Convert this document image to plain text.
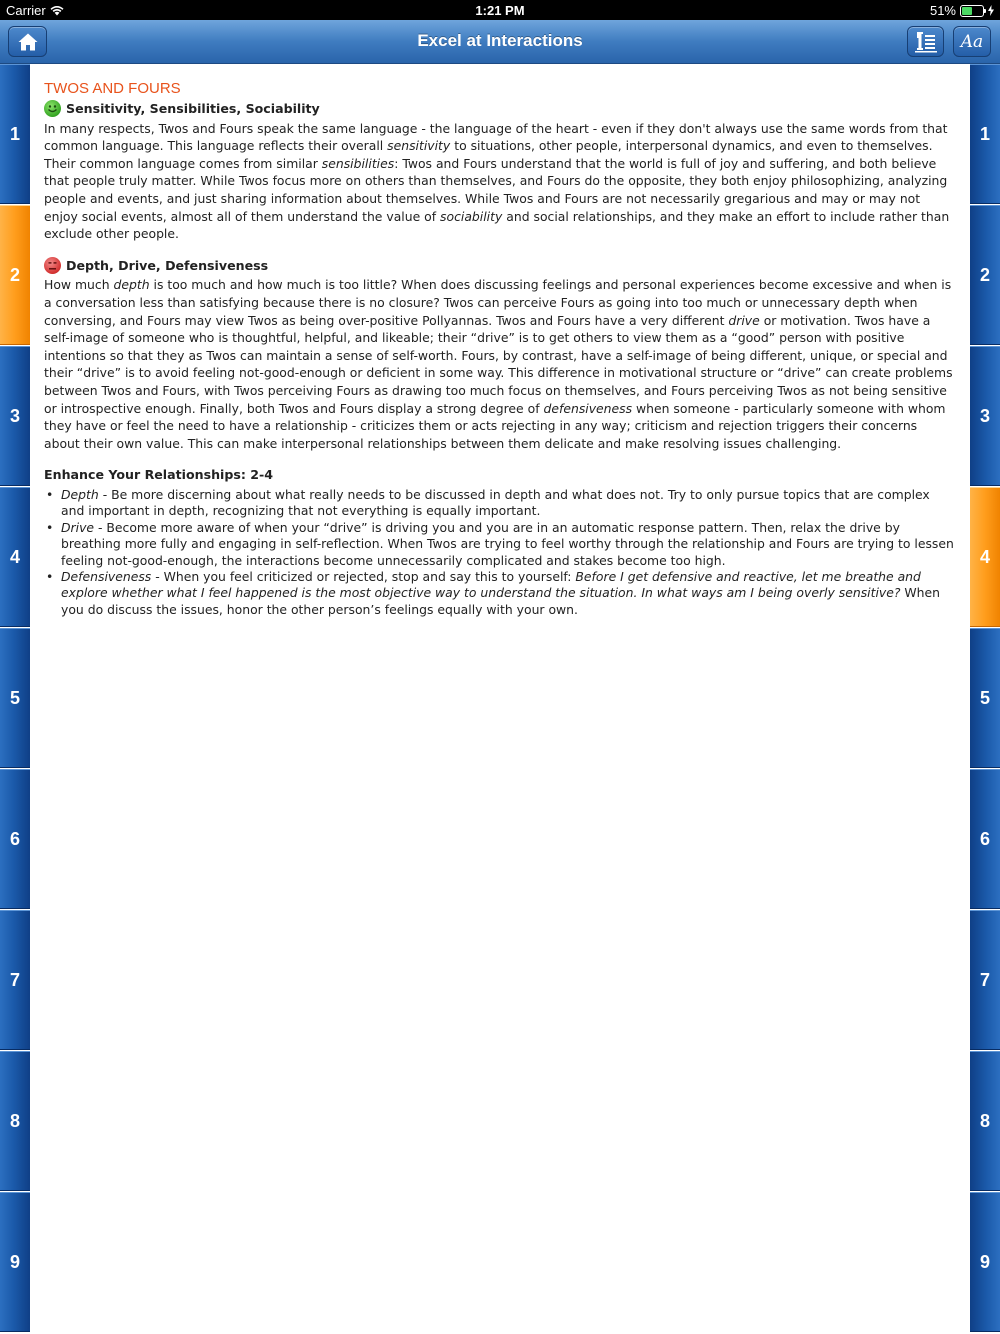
Carrier	1:21 PM	51%
Excel at Interactions	Aa
1
2
3
4
5
6
7
8
9
1
2
3
4
5
6
7
8
9
TWOS AND FOURS
Sensitivity, Sensibilities, Sociability

In many respects, Twos and Fours speak the same language - the language of the heart - even if they don't always use the same words from that common language. This language reflects their overall sensitivity to situations, other people, interpersonal dynamics, and even to themselves. Their common language comes from similar sensibilities: Twos and Fours understand that the world is full of joy and suffering, and both believe that people truly matter. While Twos focus more on others than themselves, and Fours do the opposite, they both enjoy philosophizing, analyzing people and events, and just sharing information about themselves. While Twos and Fours are not necessarily gregarious and may or may not enjoy social events, almost all of them understand the value of sociability and social relationships, and they make an effort to include rather than exclude other people.

Depth, Drive, Defensiveness

How much depth is too much and how much is too little? When does discussing feelings and personal experiences become excessive and when is a conversation less than satisfying because there is no closure? Twos can perceive Fours as going into too much or unnecessary depth when conversing, and Fours may view Twos as being over-positive Pollyannas. Twos and Fours have a very different drive or motivation. Twos have a self-image of someone who is thoughtful, helpful, and likeable; their “drive” is to get others to view them as a “good” person with positive intentions so that they as Twos can maintain a sense of self-worth. Fours, by contrast, have a self-image of being different, unique, or special and their “drive” is to avoid feeling not-good-enough or deficient in some way. This difference in motivational structure or “drive” can create problems between Twos and Fours, with Twos perceiving Fours as drawing too much focus on themselves, and Fours perceiving Twos as not being sensitive or introspective enough. Finally, both Twos and Fours display a strong degree of defensiveness when someone - particularly someone with whom they have or feel the need to have a relationship - criticizes them or acts rejecting in any way; criticism and rejection triggers their concerns about their own value. This can make interpersonal relationships between them delicate and make resolving issues challenging.

Enhance Your Relationships: 2-4
• Depth - Be more discerning about what really needs to be discussed in depth and what does not. Try to only pursue topics that are complex and important in depth, recognizing that not everything is equally important.
• Drive - Become more aware of when your “drive” is driving you and you are in an automatic response pattern. Then, relax the drive by breathing more fully and engaging in self-reflection. When Twos are trying to feel worthy through the relationship and Fours are trying to lessen feeling not-good-enough, the interactions become unnecessarily complicated and stakes become too high.
• Defensiveness - When you feel criticized or rejected, stop and say this to yourself: Before I get defensive and reactive, let me breathe and explore whether what I feel happened is the most objective way to understand the situation. In what ways am I being overly sensitive? When you do discuss the issues, honor the other person’s feelings equally with your own.
